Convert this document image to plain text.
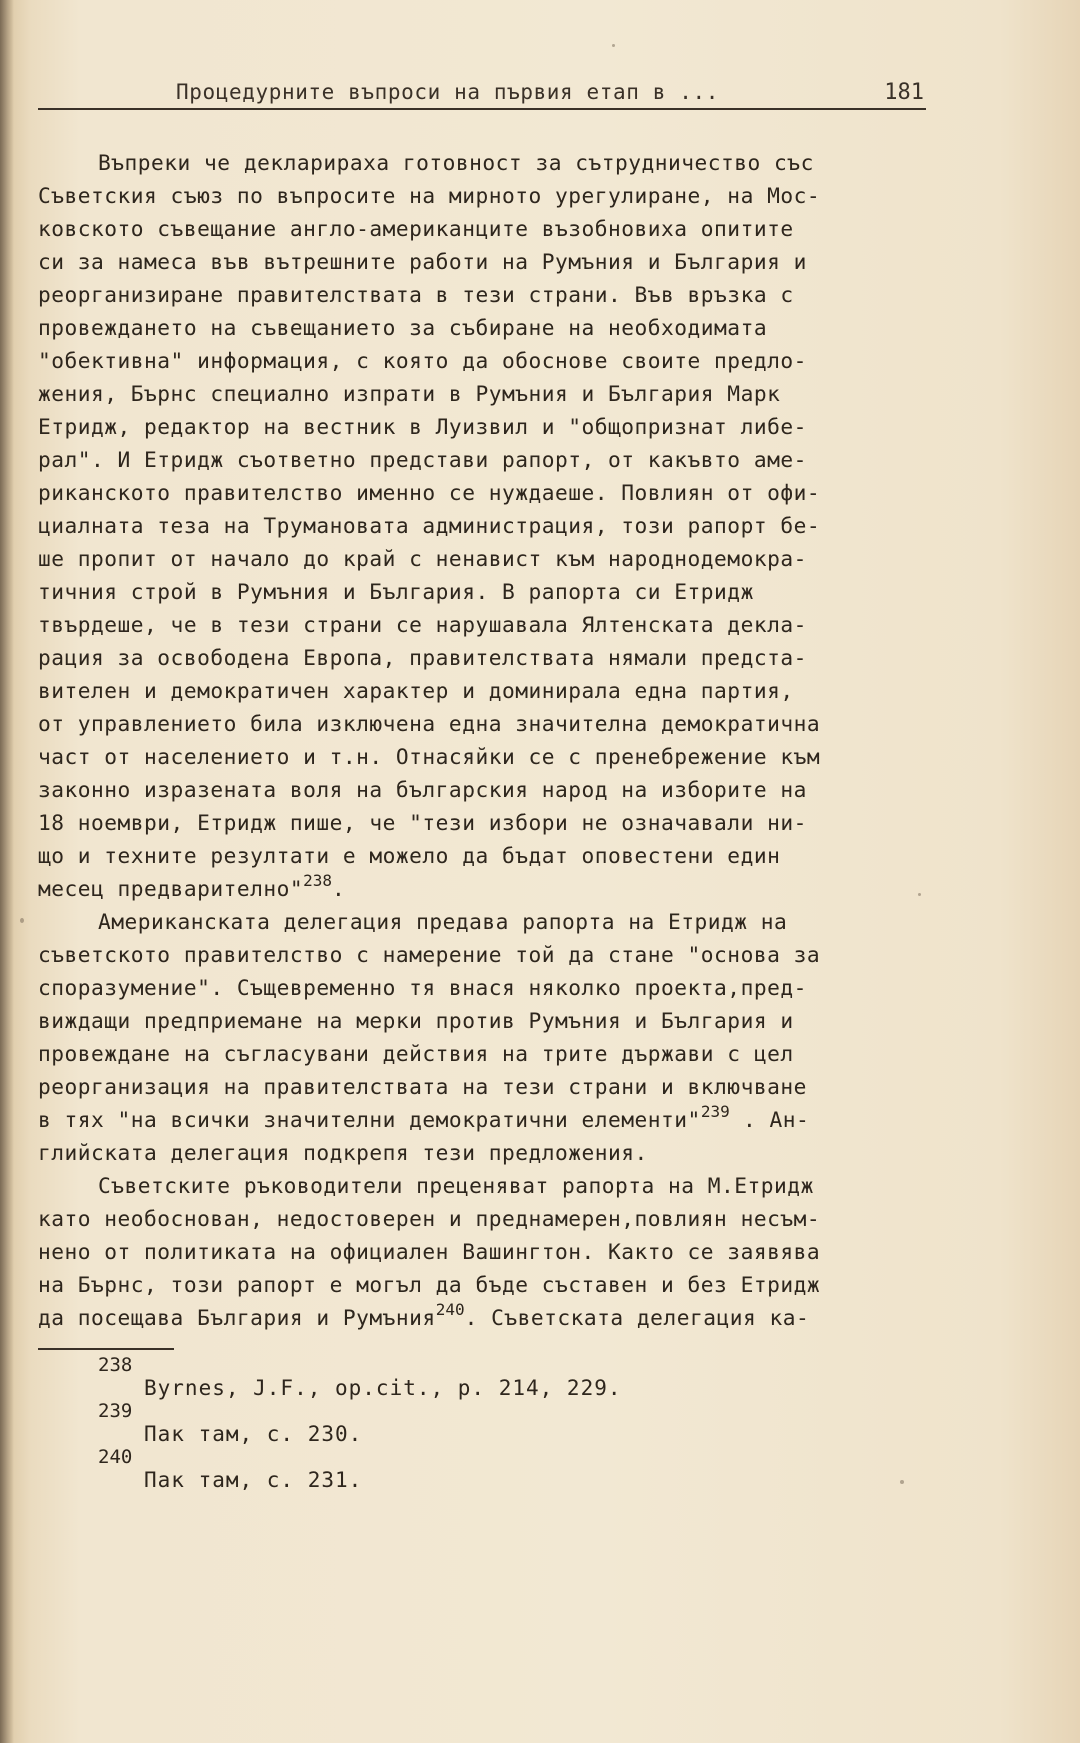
Процедурните въпроси на първия етап в ...	181
Въпреки че декларираха готовност за сътрудничество със
Съветския съюз по въпросите на мирното урегулиране, на Мос-
ковското съвещание англо-американците възобновиха опитите
си за намеса във вътрешните работи на Румъния и България и
реорганизиране правителствата в тези страни. Във връзка с
провеждането на съвещанието за събиране на необходимата
"обективна" информация, с която да обоснове своите предло-
жения, Бърнс специално изпрати в Румъния и България Марк
Етридж, редактор на вестник в Луизвил и "общопризнат либе-
рал". И Етридж съответно представи рапорт, от какъвто аме-
риканското правителство именно се нуждаеше. Повлиян от офи-
циалната теза на Трумановата администрация, този рапорт бе-
ше пропит от начало до край с ненавист към народнодемокра-
тичния строй в Румъния и България. В рапорта си Етридж
твърдеше, че в тези страни се нарушавала Ялтенската декла-
рация за освободена Европа, правителствата нямали предста-
вителен и демократичен характер и доминирала една партия,
от управлението била изключена една значителна демократична
част от населението и т.н. Отнасяйки се с пренебрежение към
законно изразената воля на българския народ на изборите на
18 ноември, Етридж пише, че "тези избори не означавали ни-
що и техните резултати е можело да бъдат оповестени един
месец предварително"$^{238}$.
Американската делегация предава рапорта на Етридж на
съветското правителство с намерение той да стане "основа за
споразумение". Същевременно тя внася няколко проекта,пред-
виждащи предприемане на мерки против Румъния и България и
провеждане на съгласувани действия на трите държави с цел
реорганизация на правителствата на тези страни и включване
в тях "на всички значителни демократични елементи"$^{239}$ . Ан-
глийската делегация подкрепя тези предложения.
Съветските ръководители преценяват рапорта на М.Етридж
като необоснован, недостоверен и преднамерен,повлиян несъм-
нено от политиката на официален Вашингтон. Както се заявява
на Бърнс, този рапорт е могъл да бъде съставен и без Етридж
да посещава България и Румъния$^{240}$. Съветската делегация ка-
238
Byrnes, J.F., op.cit., p. 214, 229.
239
Пак там, с. 230.
240
Пак там, с. 231.
